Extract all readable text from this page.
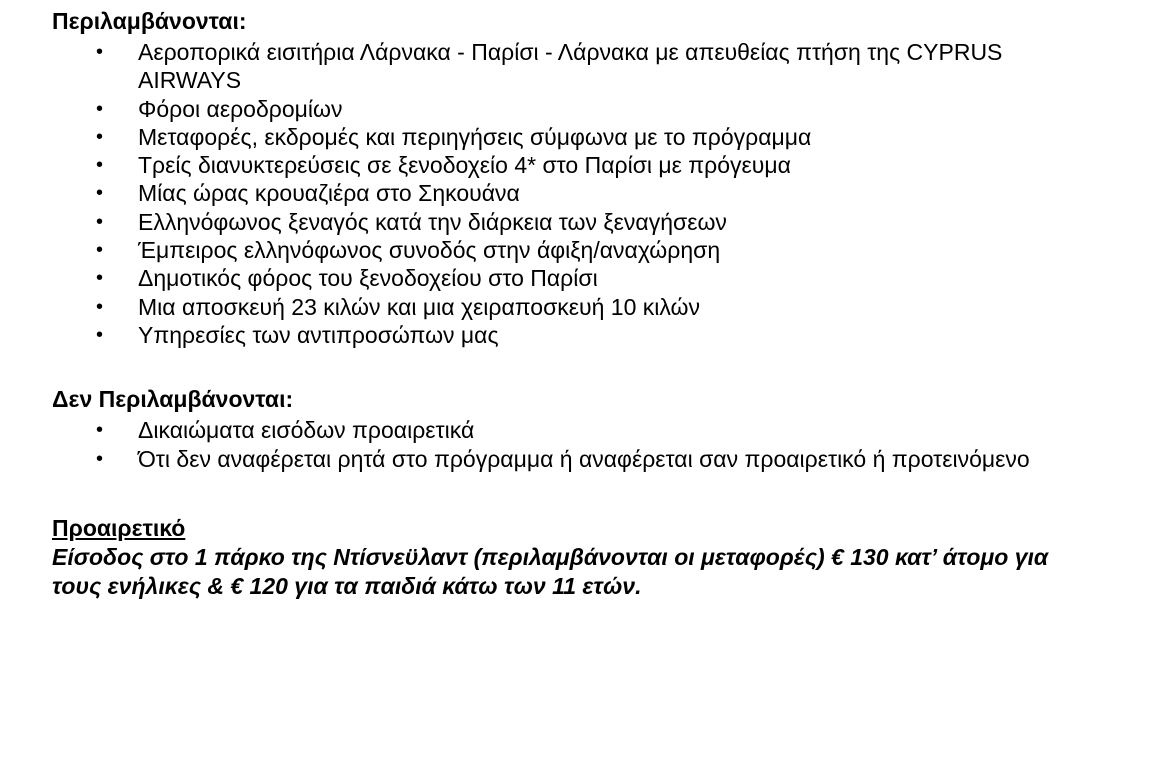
Περιλαμβάνονται:

• Αεροπορικά εισιτήρια Λάρνακα - Παρίσι - Λάρνακα με απευθείας πτήση της CYPRUS AIRWAYS
• Φόροι αεροδρομίων
• Μεταφορές, εκδρομές και περιηγήσεις σύμφωνα με το πρόγραμμα
• Τρείς διανυκτερεύσεις σε ξενοδοχείο 4* στο Παρίσι με πρόγευμα
• Μίας ώρας κρουαζιέρα στο Σηκουάνα
• Ελληνόφωνος ξεναγός κατά την διάρκεια των ξεναγήσεων
• Έμπειρος ελληνόφωνος συνοδός στην άφιξη/αναχώρηση
• Δημοτικός φόρος του ξενοδοχείου στο Παρίσι
• Μια αποσκευή 23 κιλών και μια χειραποσκευή 10 κιλών
• Υπηρεσίες των αντιπροσώπων μας

Δεν Περιλαμβάνονται:

• Δικαιώματα εισόδων προαιρετικά
• Ότι δεν αναφέρεται ρητά στο πρόγραμμα ή αναφέρεται σαν προαιρετικό ή προτεινόμενο

Προαιρετικό

Είσοδος στο 1 πάρκο της Ντίσνεϋλαντ (περιλαμβάνονται οι μεταφορές) € 130 κατ’ άτομο για τους ενήλικες & € 120 για τα παιδιά κάτω των 11 ετών.
